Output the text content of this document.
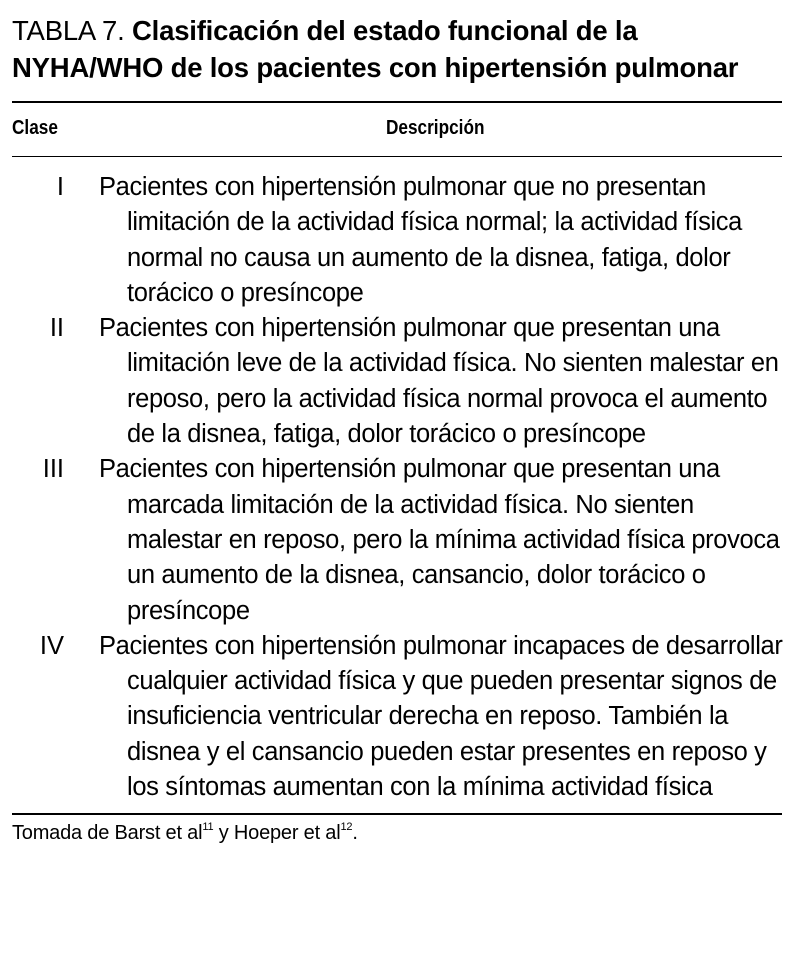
TABLA 7. Clasificación del estado funcional de la NYHA/WHO de los pacientes con hipertensión pulmonar

Clase	Descripción
I Pacientes con hipertensión pulmonar que no presentan limitación de la actividad física normal; la actividad física normal no causa un aumento de la disnea, fatiga, dolor torácico o presíncope
II Pacientes con hipertensión pulmonar que presentan una limitación leve de la actividad física. No sienten malestar en reposo, pero la actividad física normal provoca el aumento de la disnea, fatiga, dolor torácico o presíncope
III Pacientes con hipertensión pulmonar que presentan una marcada limitación de la actividad física. No sienten malestar en reposo, pero la mínima actividad física provoca un aumento de la disnea, cansancio, dolor torácico o presíncope
IV Pacientes con hipertensión pulmonar incapaces de desarrollar cualquier actividad física y que pueden presentar signos de insuficiencia ventricular derecha en reposo. También la disnea y el cansancio pueden estar presentes en reposo y los síntomas aumentan con la mínima actividad física
Tomada de Barst et $al^{11}$ y Hoeper et $al^{12}$.
